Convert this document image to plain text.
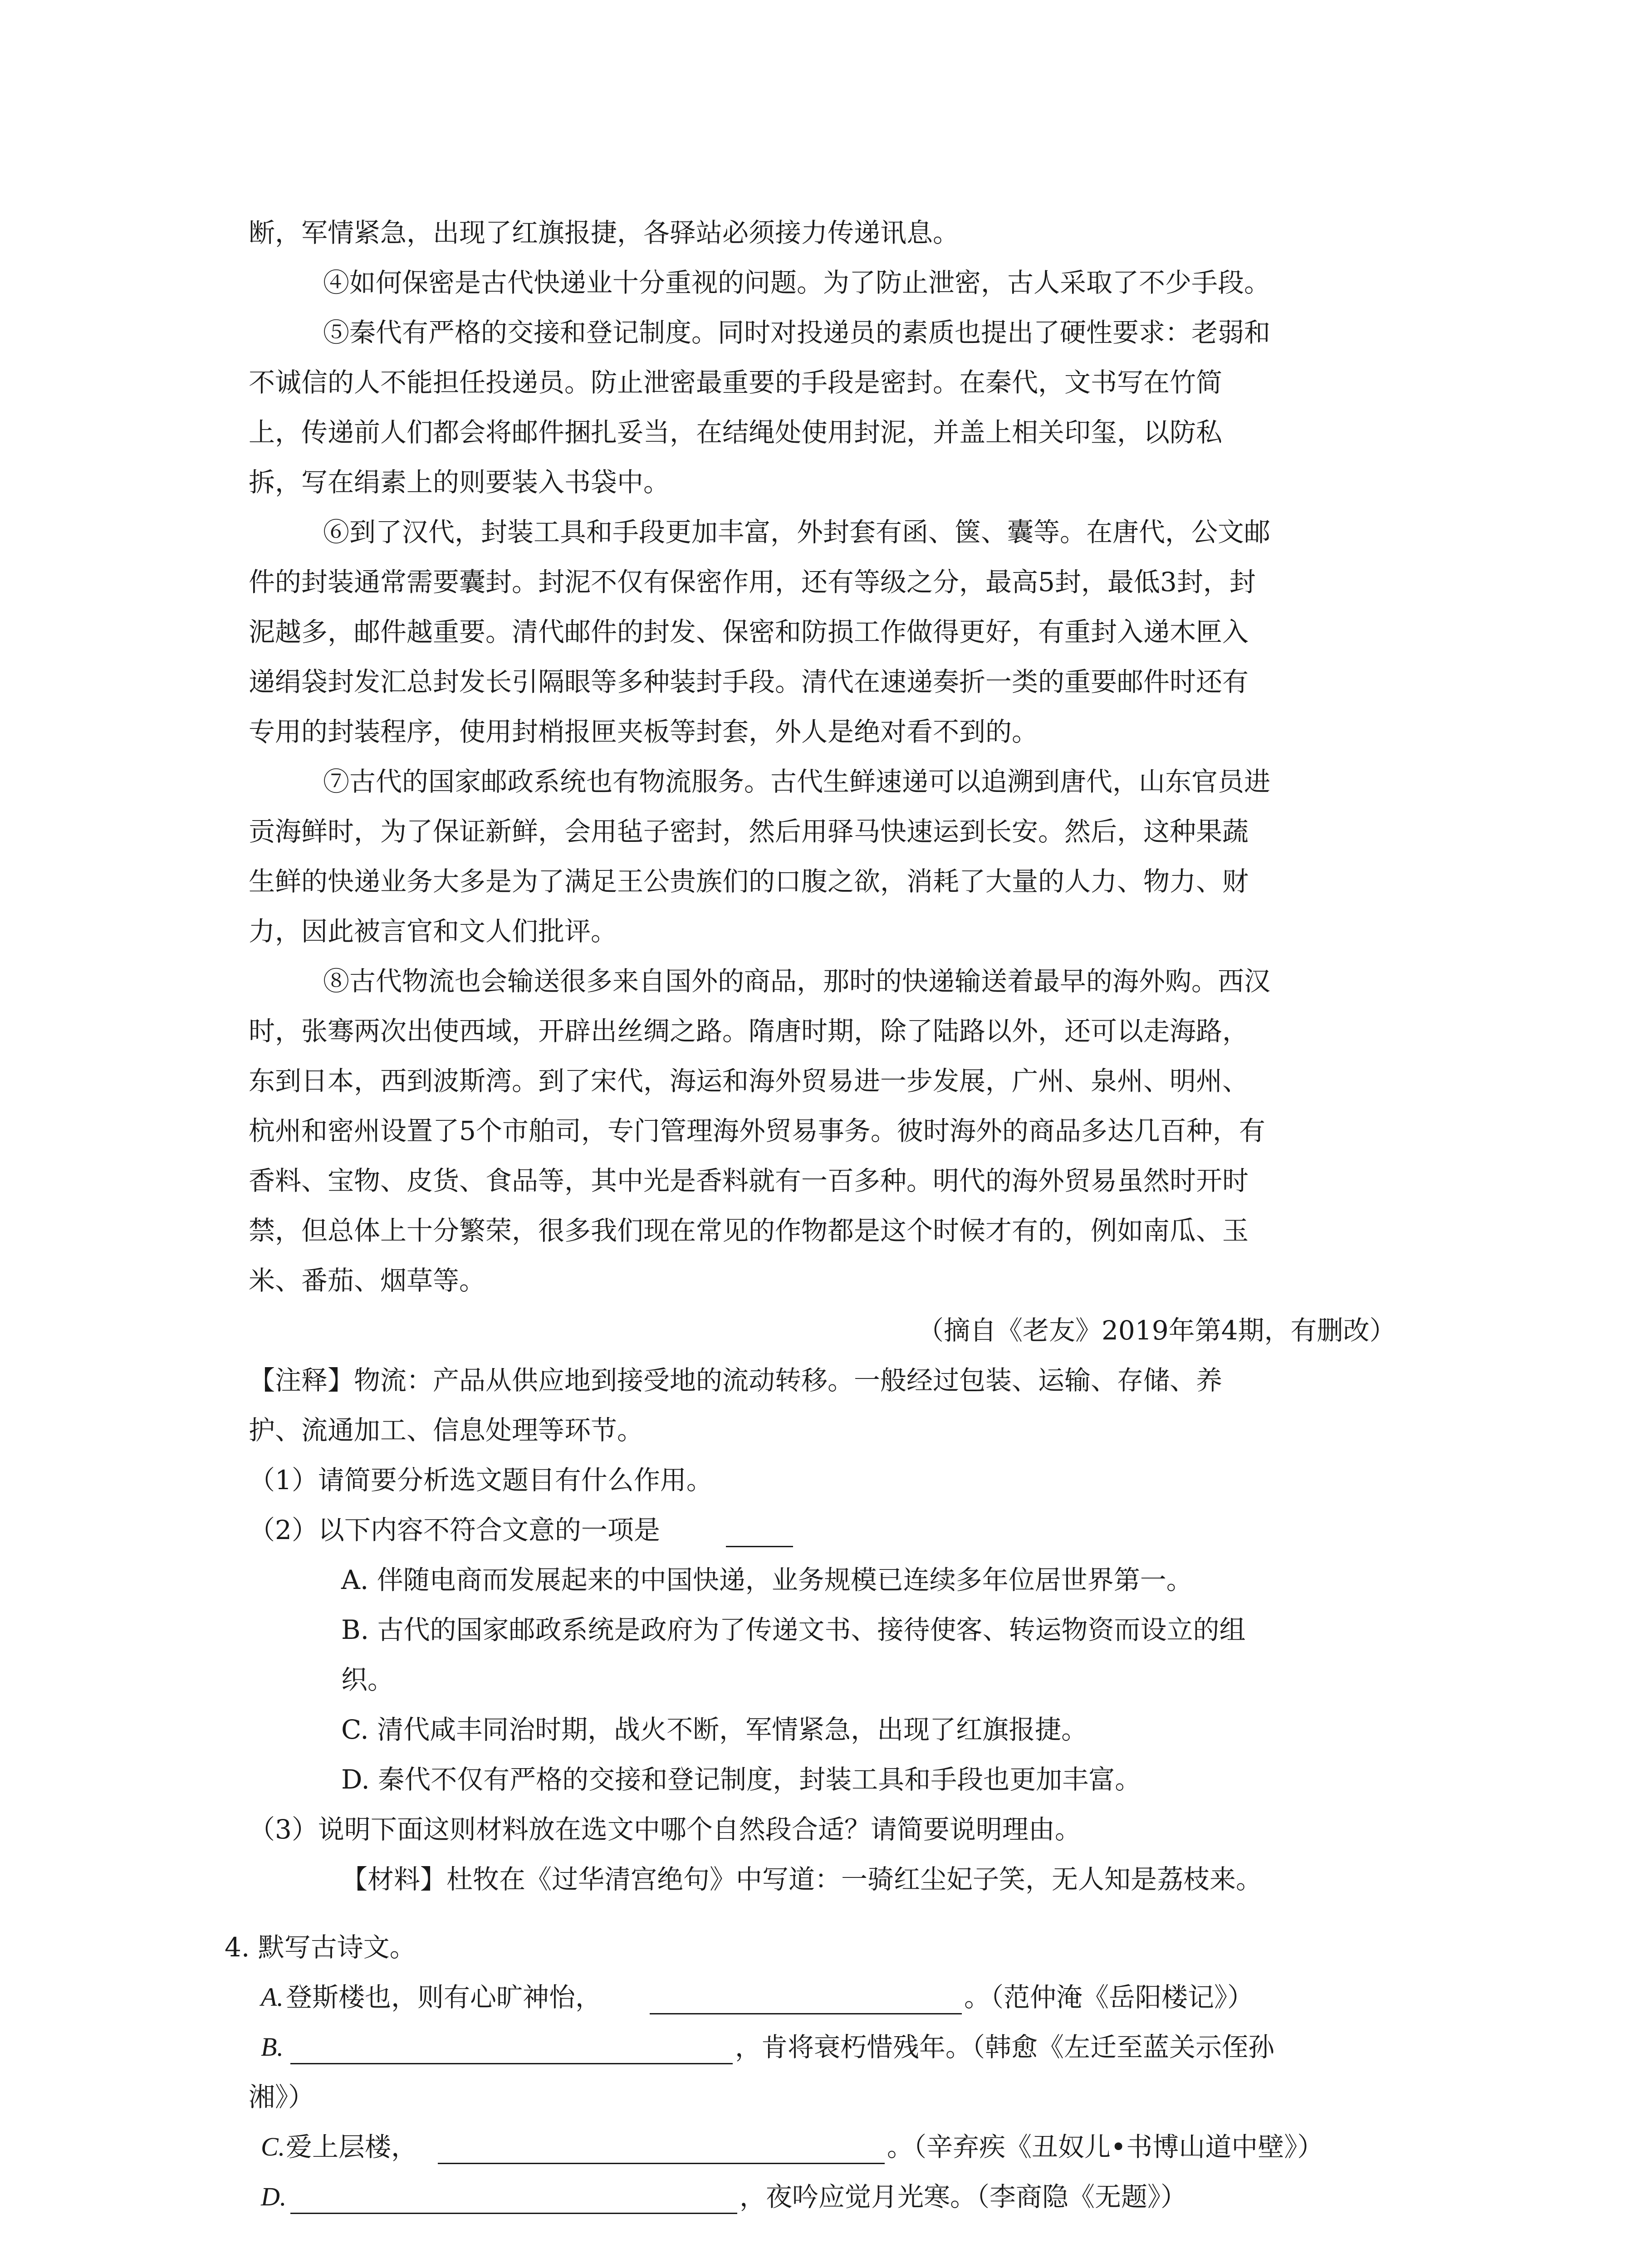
断，军情紧急，出现了红旗报捷，各驿站必须接力传递讯息。
④如何保密是古代快递业十分重视的问题。为了防止泄密，古人采取了不少手段。
⑤秦代有严格的交接和登记制度。同时对投递员的素质也提出了硬性要求：老弱和
不诚信的人不能担任投递员。防止泄密最重要的手段是密封。在秦代，文书写在竹简
上，传递前人们都会将邮件捆扎妥当，在结绳处使用封泥，并盖上相关印玺，以防私
拆，写在绢素上的则要装入书袋中。
⑥到了汉代，封装工具和手段更加丰富，外封套有函、箧、囊等。在唐代，公文邮
件的封装通常需要囊封。封泥不仅有保密作用，还有等级之分，最高5封，最低3封，封
泥越多，邮件越重要。清代邮件的封发、保密和防损工作做得更好，有重封入递木匣入
递绢袋封发汇总封发长引隔眼等多种装封手段。清代在速递奏折一类的重要邮件时还有
专用的封装程序，使用封梢报匣夹板等封套，外人是绝对看不到的。
⑦古代的国家邮政系统也有物流服务。古代生鲜速递可以追溯到唐代，山东官员进
贡海鲜时，为了保证新鲜，会用毡子密封，然后用驿马快速运到长安。然后，这种果蔬
生鲜的快递业务大多是为了满足王公贵族们的口腹之欲，消耗了大量的人力、物力、财
力，因此被言官和文人们批评。
⑧古代物流也会输送很多来自国外的商品，那时的快递输送着最早的海外购。西汉
时，张骞两次出使西域，开辟出丝绸之路。隋唐时期，除了陆路以外，还可以走海路，
东到日本，西到波斯湾。到了宋代，海运和海外贸易进一步发展，广州、泉州、明州、
杭州和密州设置了5个市舶司，专门管理海外贸易事务。彼时海外的商品多达几百种，有
香料、宝物、皮货、食品等，其中光是香料就有一百多种。明代的海外贸易虽然时开时
禁，但总体上十分繁荣，很多我们现在常见的作物都是这个时候才有的，例如南瓜、玉
米、番茄、烟草等。
（摘自《老友》2019年第4期，有删改）
【注释】物流：产品从供应地到接受地的流动转移。一般经过包装、运输、存储、养
护、流通加工、信息处理等环节。
（1）请简要分析选文题目有什么作用。
（2）以下内容不符合文意的一项是
A. 伴随电商而发展起来的中国快递，业务规模已连续多年位居世界第一。
B. 古代的国家邮政系统是政府为了传递文书、接待使客、转运物资而设立的组
织。
C. 清代咸丰同治时期，战火不断，军情紧急，出现了红旗报捷。
D. 秦代不仅有严格的交接和登记制度，封装工具和手段也更加丰富。
（3）说明下面这则材料放在选文中哪个自然段合适？请简要说明理由。
【材料】杜牧在《过华清宫绝句》中写道：一骑红尘妃子笑，无人知是荔枝来。
4. 默写古诗文。
A. 登斯楼也，则有心旷神怡，	。（范仲淹《岳阳楼记》）
B.	，肯将衰朽惜残年。（韩愈《左迁至蓝关示侄孙
湘》）
C. 爱上层楼，	。（辛弃疾《丑奴儿•书博山道中壁》）
D.	，夜吟应觉月光寒。（李商隐《无题》）
